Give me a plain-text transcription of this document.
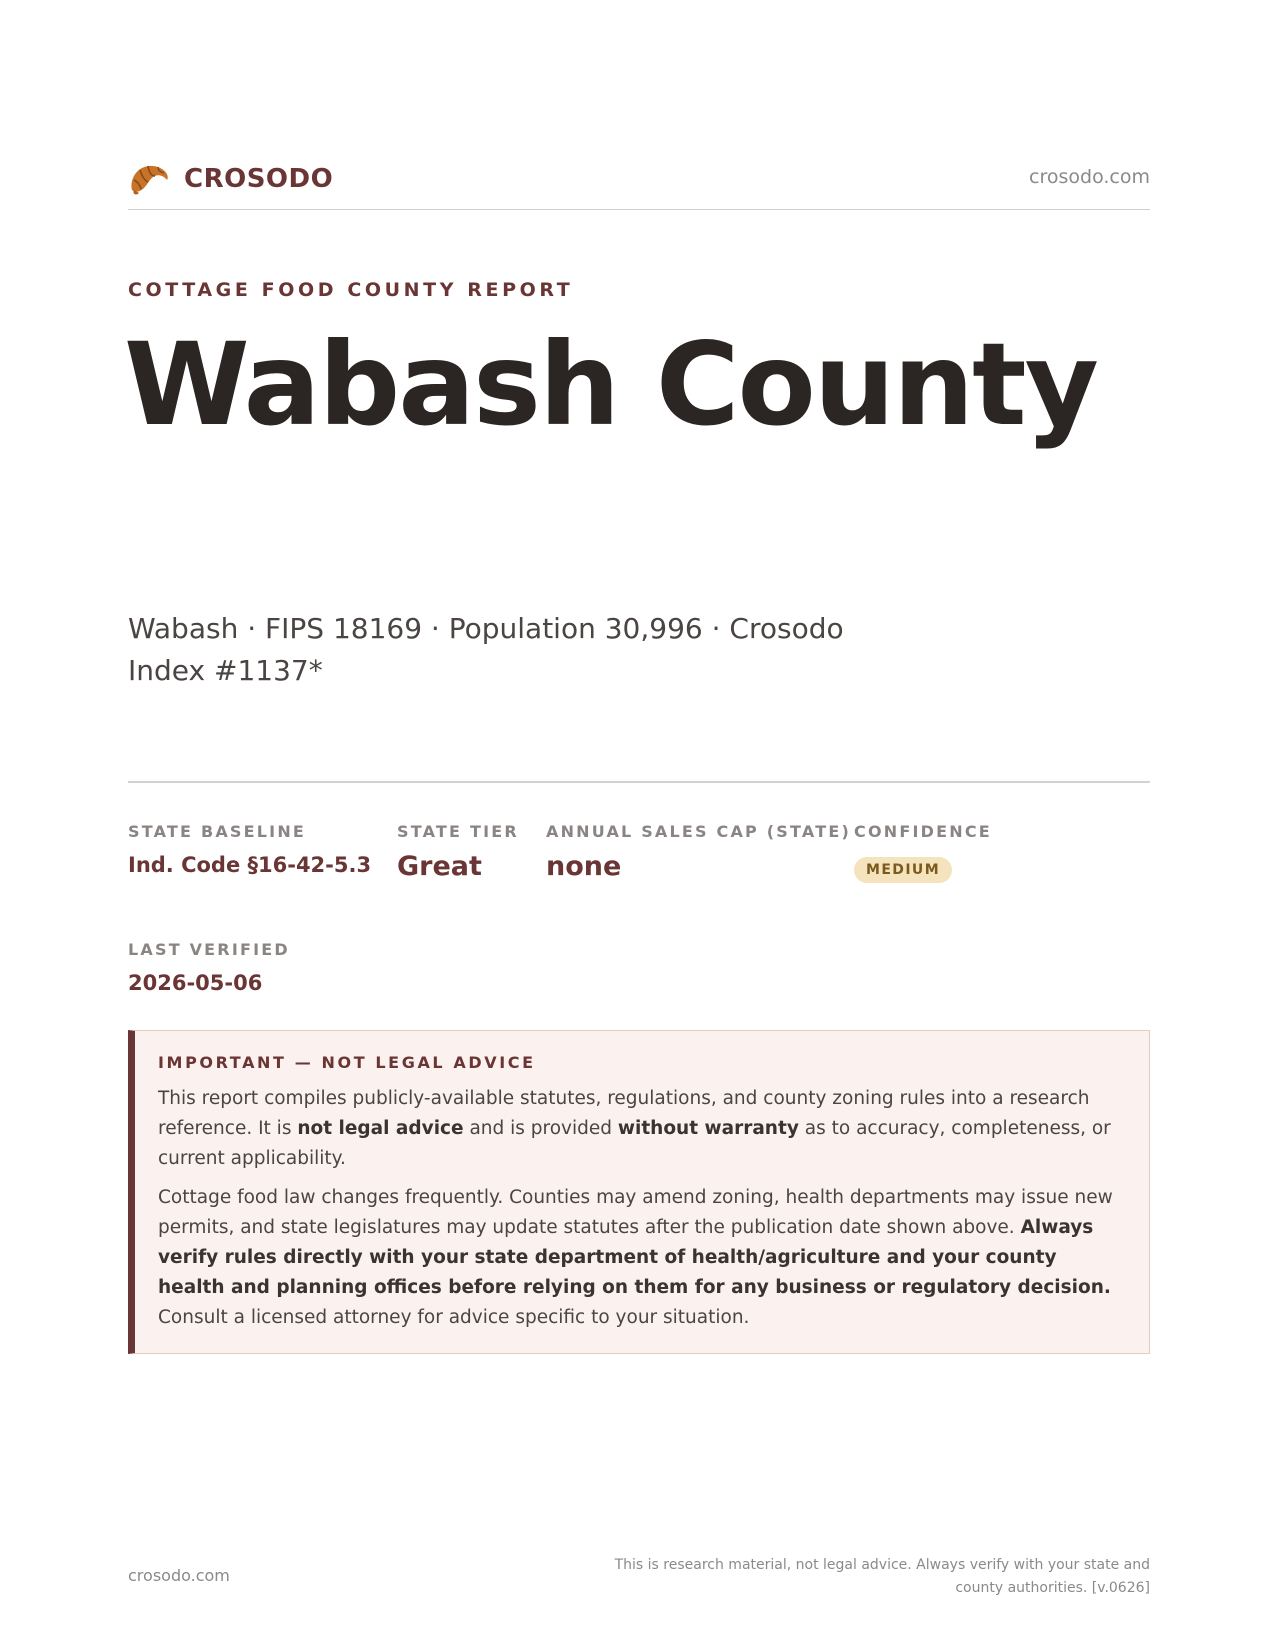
CROSODO	crosodo.com
COTTAGE FOOD COUNTY REPORT
Wabash County
Wabash · FIPS 18169 · Population 30,996 · Crosodo Index #1137*
STATE BASELINE
Ind. Code §16-42-5.3
STATE TIER
Great
ANNUAL SALES CAP (STATE)
none
CONFIDENCE
MEDIUM
LAST VERIFIED
2026-05-06
IMPORTANT — NOT LEGAL ADVICE

This report compiles publicly-available statutes, regulations, and county zoning rules into a research reference. It is not legal advice and is provided without warranty as to accuracy, completeness, or current applicability.

Cottage food law changes frequently. Counties may amend zoning, health departments may issue new permits, and state legislatures may update statutes after the publication date shown above. Always verify rules directly with your state department of health/agriculture and your county health and planning offices before relying on them for any business or regulatory decision. Consult a licensed attorney for advice specific to your situation.

crosodo.com
This is research material, not legal advice. Always verify with your state and county authorities. [v.0626]
